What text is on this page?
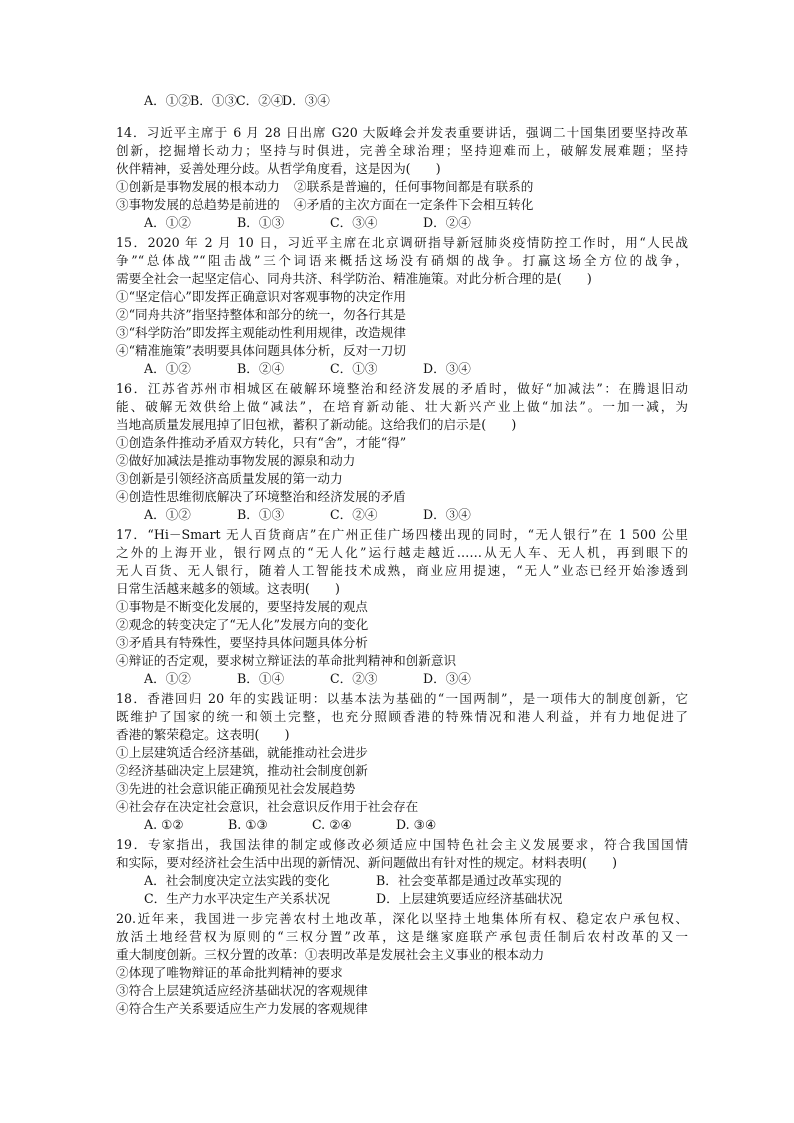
A．①② B．①③
C．②④
D．③④
14．习近平主席于 6 月 28 日出席 G20 大阪峰会并发表重要讲话，强调二十国集团要坚持改革
创新，挖掘增长动力；坚持与时俱进，完善全球治理；坚持迎难而上，破解发展难题；坚持
伙伴精神，妥善处理分歧。从哲学角度看，这是因为(　　)
①创新是事物发展的根本动力	②联系是普遍的，任何事物间都是有联系的
③事物发展的总趋势是前进的	④矛盾的主次方面在一定条件下会相互转化
A．①②	B．①③	C．③④	D．②④
15．2020 年 2 月 10 日，习近平主席在北京调研指导新冠肺炎疫情防控工作时，用“人民战
争”“总体战”“阻击战”三个词语来概括这场没有硝烟的战争。打赢这场全方位的战争，
需要全社会一起坚定信心、同舟共济、科学防治、精准施策。对此分析合理的是(　　)
①“坚定信心”即发挥正确意识对客观事物的决定作用
②“同舟共济”指坚持整体和部分的统一，勿各行其是
③“科学防治”即发挥主观能动性利用规律，改造规律
④“精准施策”表明要具体问题具体分析，反对一刀切
A．①②	B．②④	C．①③	D．③④
16．江苏省苏州市相城区在破解环境整治和经济发展的矛盾时，做好“加减法”：在腾退旧动
能、破解无效供给上做“减法”，在培育新动能、壮大新兴产业上做“加法”。一加一减，为
当地高质量发展甩掉了旧包袱，蓄积了新动能。这给我们的启示是(　　)
①创造条件推动矛盾双方转化，只有“舍”，才能“得”
②做好加减法是推动事物发展的源泉和动力
③创新是引领经济高质量发展的第一动力
④创造性思维彻底解决了环境整治和经济发展的矛盾
A．①②	B．①③	C．②④	D．③④
17．“Hi－Smart 无人百货商店”在广州正佳广场四楼出现的同时，“无人银行”在 1 500 公里
之外的上海开业，银行网点的“无人化”运行越走越近……从无人车、无人机，再到眼下的
无人百货、无人银行，随着人工智能技术成熟，商业应用提速，“无人”业态已经开始渗透到
日常生活越来越多的领域。这表明(　　)
①事物是不断变化发展的，要坚持发展的观点
②观念的转变决定了“无人化”发展方向的变化
③矛盾具有特殊性，要坚持具体问题具体分析
④辩证的否定观，要求树立辩证法的革命批判精神和创新意识
A．①②	B．①④	C．②③	D．③④
18．香港回归 20 年的实践证明：以基本法为基础的“一国两制”，是一项伟大的制度创新，它
既维护了国家的统一和领土完整，也充分照顾香港的特殊情况和港人利益，并有力地促进了
香港的繁荣稳定。这表明(　　)
①上层建筑适合经济基础，就能推动社会进步
②经济基础决定上层建筑，推动社会制度创新
③先进的社会意识能正确预见社会发展趋势
④社会存在决定社会意识，社会意识反作用于社会存在
A. ①②	B. ①③	C. ②④	D. ③④
19．专家指出，我国法律的制定或修改必须适应中国特色社会主义发展要求，符合我国国情
和实际，要对经济社会生活中出现的新情况、新问题做出有针对性的规定。材料表明(　　)
A．社会制度决定立法实践的变化	B．社会变革都是通过改革实现的
C．生产力水平决定生产关系状况	D．上层建筑要适应经济基础状况
20.近年来，我国进一步完善农村土地改革，深化以坚持土地集体所有权、稳定农户承包权、
放活土地经营权为原则的“三权分置”改革，这是继家庭联产承包责任制后农村改革的又一
重大制度创新。三权分置的改革：①表明改革是发展社会主义事业的根本动力
②体现了唯物辩证的革命批判精神的要求
③符合上层建筑适应经济基础状况的客观规律
④符合生产关系要适应生产力发展的客观规律
